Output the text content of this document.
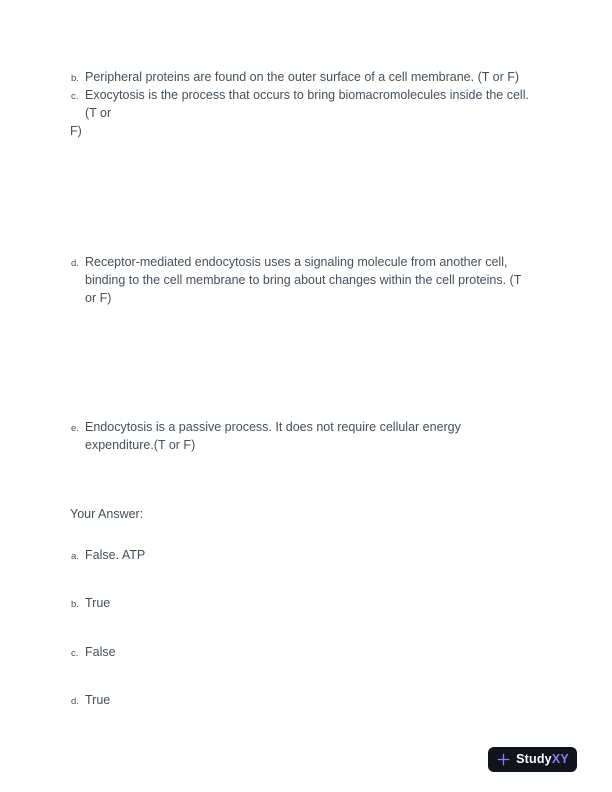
b. Peripheral proteins are found on the outer surface of a cell membrane. (T or F)
c. Exocytosis is the process that occurs to bring biomacromolecules inside the cell.
(T or
F)
d. Receptor-mediated endocytosis uses a signaling molecule from another cell,
binding to the cell membrane to bring about changes within the cell proteins. (T
or F)
e. Endocytosis is a passive process. It does not require cellular energy
expenditure.(T or F)
Your Answer:
a. False. ATP
b. True
c. False
d. True
StudyXY
